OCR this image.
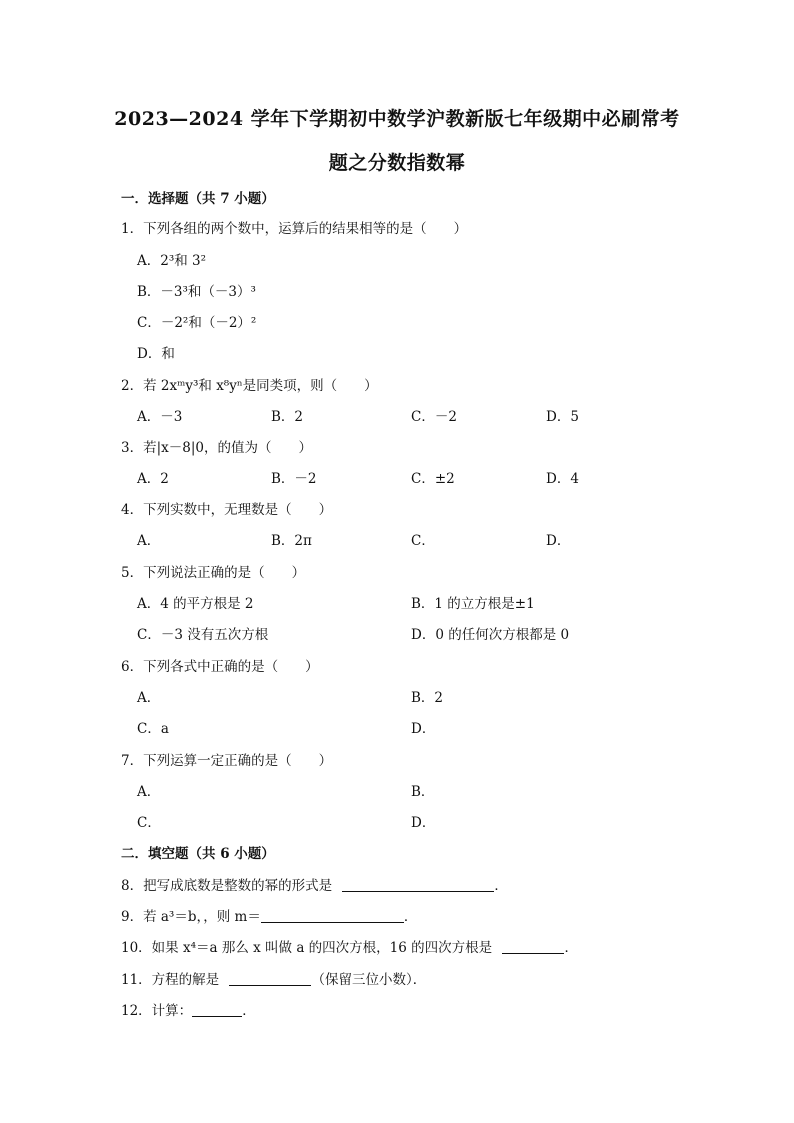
2023—2024 学年下学期初中数学沪教新版七年级期中必刷常考
题之分数指数幂
一．选择题（共 7 小题）
1．下列各组的两个数中，运算后的结果相等的是（　　）
A．2³和 3²
B．－3³和（－3）³
C．－2²和（－2）²
D．和
2．若 2xᵐy³和 x⁸yⁿ是同类项，则（　　）
A．－3	B．2	C．－2	D．5
3．若|x－8|0，的值为（　　）
A．2	B．－2	C．±2	D．4
4．下列实数中，无理数是（　　）
A．	B．2π	C．	D．
5．下列说法正确的是（　　）
A．4 的平方根是 2	B．1 的立方根是±1
C．－3 没有五次方根	D．0 的任何次方根都是 0
6．下列各式中正确的是（　　）
A．	B．2
C．a	D．
7．下列运算一定正确的是（　　）
A．	B．
C．	D．
二．填空题（共 6 小题）
8．把写成底数是整数的幂的形式是	．
9．若 a³＝b，，则 m＝	．
10．如果 x⁴＝a 那么 x 叫做 a 的四次方根，16 的四次方根是	．
11．方程的解是	（保留三位小数）．
12．计算：	．
